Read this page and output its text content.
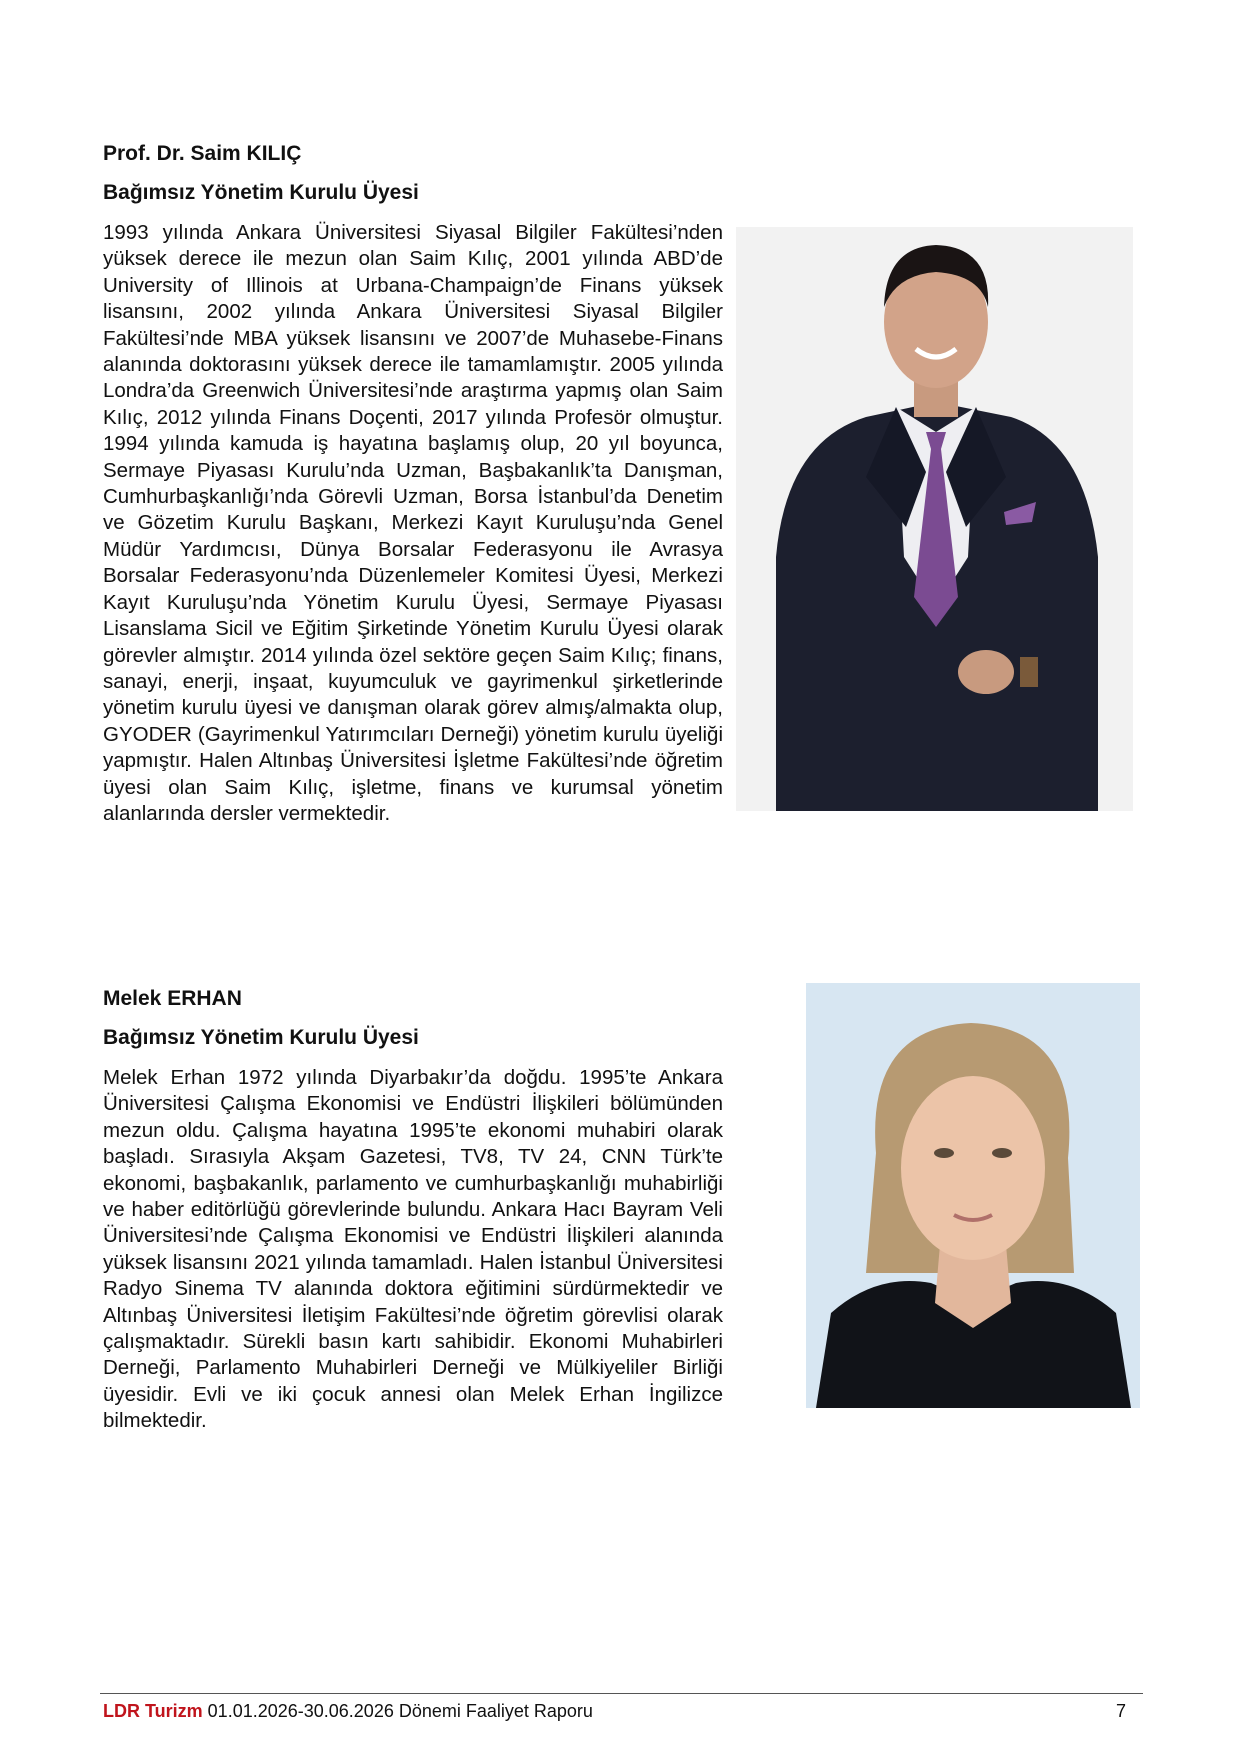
Prof. Dr. Saim KILIÇ
Bağımsız Yönetim Kurulu Üyesi

1993 yılında Ankara Üniversitesi Siyasal Bilgiler Fakültesi’nden yüksek derece ile mezun olan Saim Kılıç, 2001 yılında ABD’de University of Illinois at Urbana-Champaign’de Finans yüksek lisansını, 2002 yılında Ankara Üniversitesi Siyasal Bilgiler Fakültesi’nde MBA yüksek lisansını ve 2007’de Muhasebe-Finans alanında doktorasını yüksek derece ile tamamlamıştır. 2005 yılında Londra’da Greenwich Üniversitesi’nde araştırma yapmış olan Saim Kılıç, 2012 yılında Finans Doçenti, 2017 yılında Profesör olmuştur. 1994 yılında kamuda iş hayatına başlamış olup, 20 yıl boyunca, Sermaye Piyasası Kurulu’nda Uzman, Başbakanlık’ta Danışman, Cumhurbaşkanlığı’nda Görevli Uzman, Borsa İstanbul’da Denetim ve Gözetim Kurulu Başkanı, Merkezi Kayıt Kuruluşu’nda Genel Müdür Yardımcısı, Dünya Borsalar Federasyonu ile Avrasya Borsalar Federasyonu’nda Düzenlemeler Komitesi Üyesi, Merkezi Kayıt Kuruluşu’nda Yönetim Kurulu Üyesi, Sermaye Piyasası Lisanslama Sicil ve Eğitim Şirketinde Yönetim Kurulu Üyesi olarak görevler almıştır. 2014 yılında özel sektöre geçen Saim Kılıç; finans, sanayi, enerji, inşaat, kuyumculuk ve gayrimenkul şirketlerinde yönetim kurulu üyesi ve danışman olarak görev almış/almakta olup, GYODER (Gayrimenkul Yatırımcıları Derneği) yönetim kurulu üyeliği yapmıştır. Halen Altınbaş Üniversitesi İşletme Fakültesi’nde öğretim üyesi olan Saim Kılıç, işletme, finans ve kurumsal yönetim alanlarında dersler vermektedir.

Melek ERHAN
Bağımsız Yönetim Kurulu Üyesi

Melek Erhan 1972 yılında Diyarbakır’da doğdu. 1995’te Ankara Üniversitesi Çalışma Ekonomisi ve Endüstri İlişkileri bölümünden mezun oldu. Çalışma hayatına 1995’te ekonomi muhabiri olarak başladı. Sırasıyla Akşam Gazetesi, TV8, TV 24, CNN Türk’te ekonomi, başbakanlık, parlamento ve cumhurbaşkanlığı muhabirliği ve haber editörlüğü görevlerinde bulundu. Ankara Hacı Bayram Veli Üniversitesi’nde Çalışma Ekonomisi ve Endüstri İlişkileri alanında yüksek lisansını 2021 yılında tamamladı. Halen İstanbul Üniversitesi Radyo Sinema TV alanında doktora eğitimini sürdürmektedir ve Altınbaş Üniversitesi İletişim Fakültesi’nde öğretim görevlisi olarak çalışmaktadır. Sürekli basın kartı sahibidir. Ekonomi Muhabirleri Derneği, Parlamento Muhabirleri Derneği ve Mülkiyeliler Birliği üyesidir. Evli ve iki çocuk annesi olan Melek Erhan İngilizce bilmektedir.

LDR Turizm 01.01.2026-30.06.2026 Dönemi Faaliyet Raporu	7
